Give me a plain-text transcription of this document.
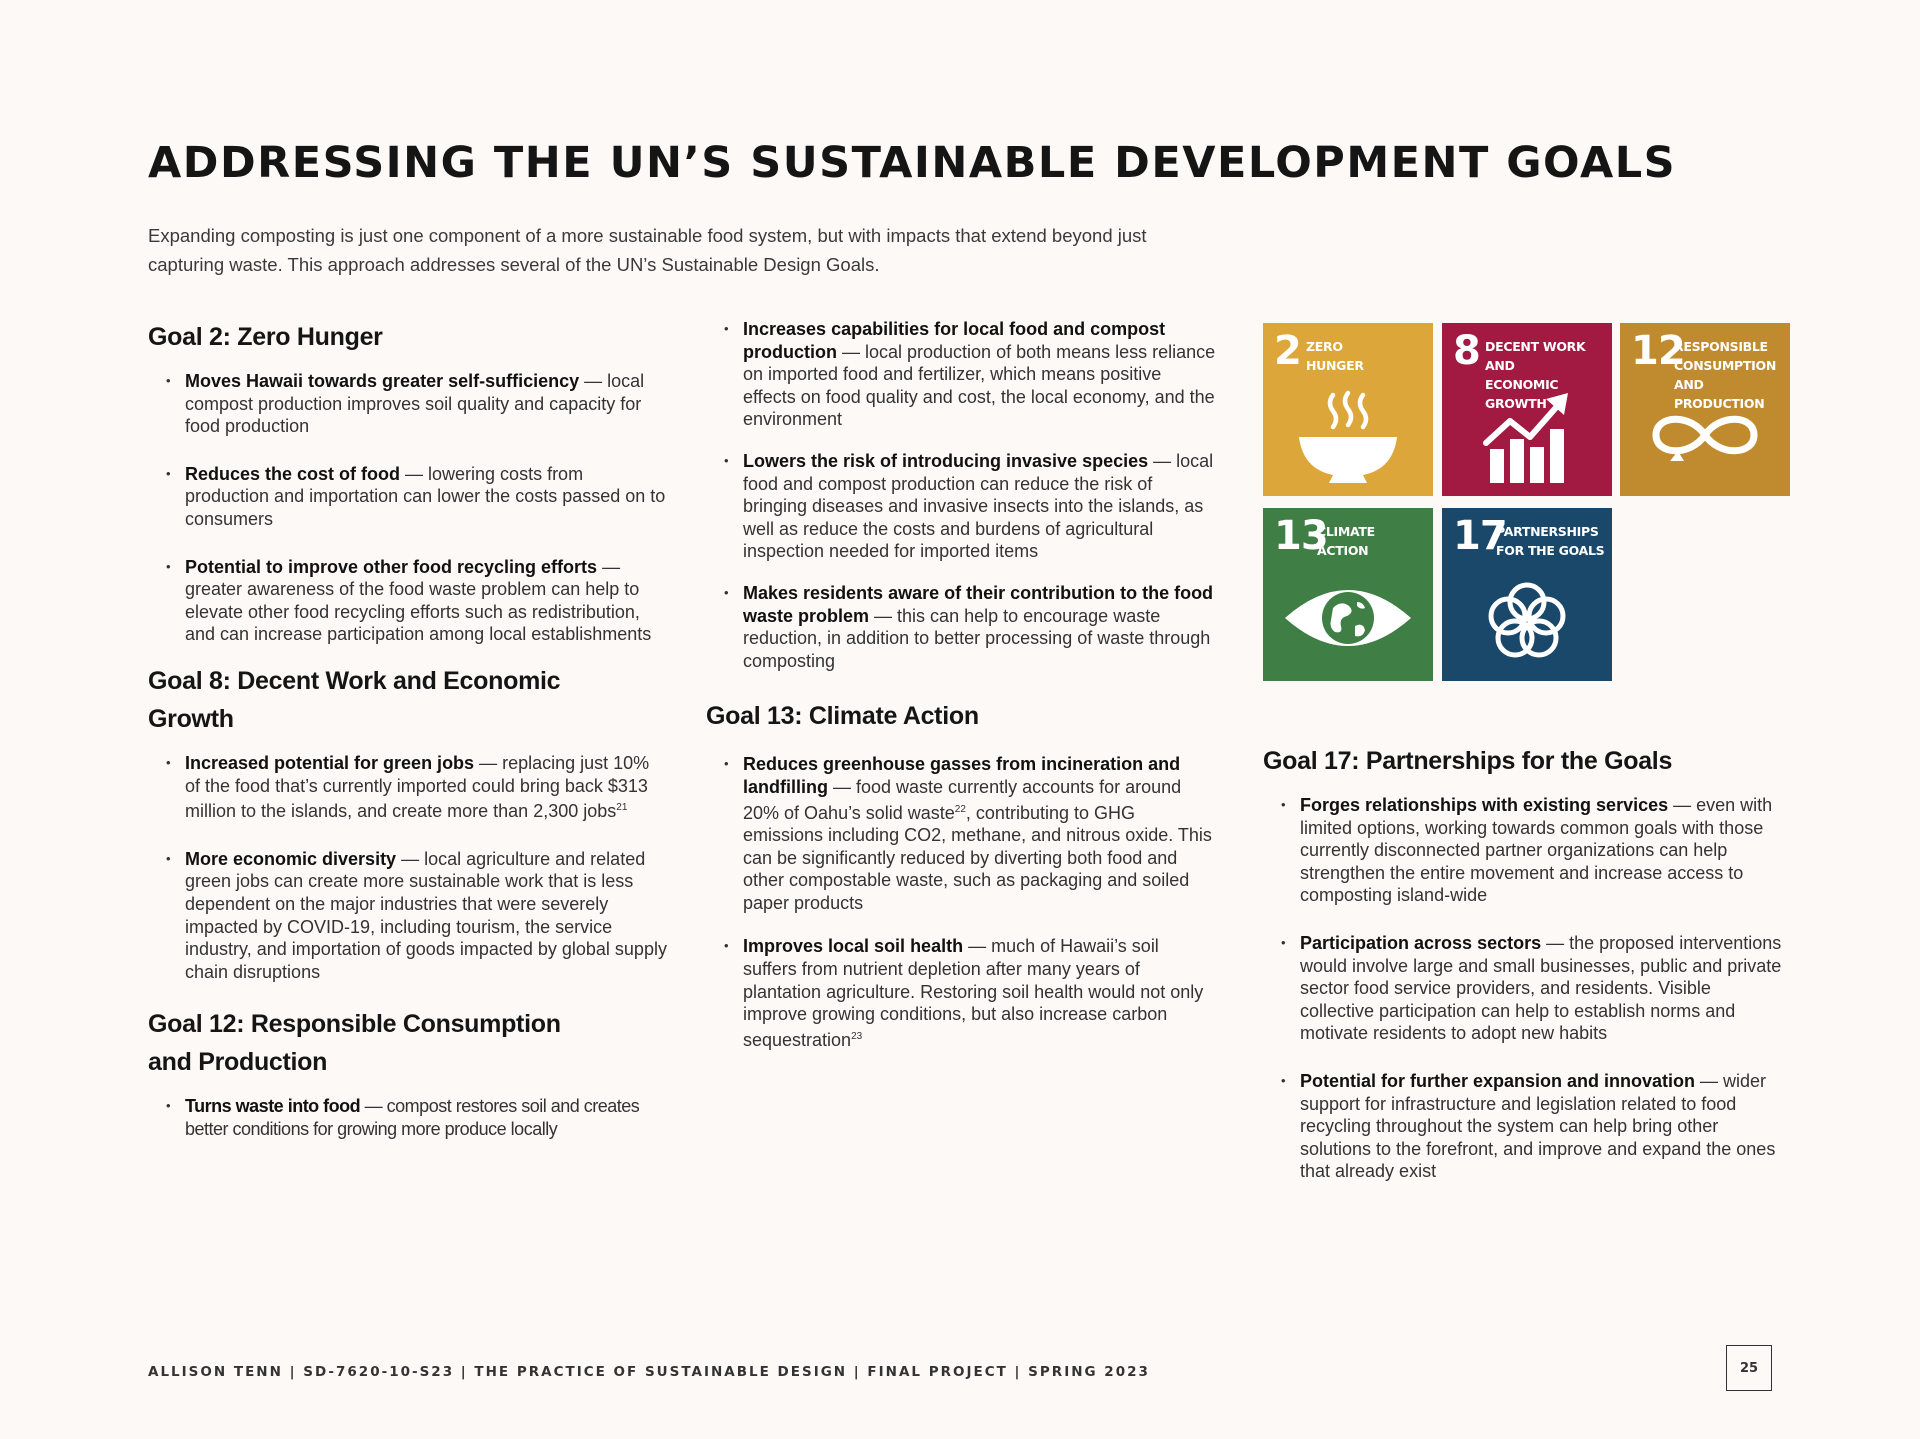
ADDRESSING THE UN’S SUSTAINABLE DEVELOPMENT GOALS

Expanding composting is just one component of a more sustainable food system, but with impacts that extend beyond just capturing waste. This approach addresses several of the UN’s Sustainable Design Goals.

Goal 2: Zero Hunger
• Moves Hawaii towards greater self-sufficiency — local compost production improves soil quality and capacity for food production
• Reduces the cost of food — lowering costs from production and importation can lower the costs passed on to consumers
• Potential to improve other food recycling efforts — greater awareness of the food waste problem can help to elevate other food recycling efforts such as redistribution, and can increase participation among local establishments
Goal 8: Decent Work and Economic Growth
• Increased potential for green jobs — replacing just 10% of the food that’s currently imported could bring back $313 million to the islands, and create more than 2,300 jobs$^{21}$
• More economic diversity — local agriculture and related green jobs can create more sustainable work that is less dependent on the major industries that were severely impacted by COVID-19, including tourism, the service industry, and importation of goods impacted by global supply chain disruptions
Goal 12: Responsible Consumption and Production
• Turns waste into food — compost restores soil and creates better conditions for growing more produce locally
• Increases capabilities for local food and compost production — local production of both means less reliance on imported food and fertilizer, which means positive effects on food quality and cost, the local economy, and the environment
• Lowers the risk of introducing invasive species — local food and compost production can reduce the risk of bringing diseases and invasive insects into the islands, as well as reduce the costs and burdens of agricultural inspection needed for imported items
• Makes residents aware of their contribution to the food waste problem — this can help to encourage waste reduction, in addition to better processing of waste through composting
Goal 13: Climate Action
• Reduces greenhouse gasses from incineration and landfilling — food waste currently accounts for around 20% of Oahu’s solid waste$^{22}$, contributing to GHG emissions including CO2, methane, and nitrous oxide. This can be significantly reduced by diverting both food and other compostable waste, such as packaging and soiled paper products
• Improves local soil health — much of Hawaii’s soil suffers from nutrient depletion after many years of plantation agriculture. Restoring soil health would not only improve growing conditions, but also increase carbon sequestration$^{23}$
2 ZERO
HUNGER	8 DECENT WORK AND
ECONOMIC GROWTH
12
RESPONSIBLE
CONSUMPTION
AND PRODUCTION
13
CLIMATE
ACTION	17
PARTNERSHIPS
FOR THE GOALS
Goal 17: Partnerships for the Goals
• Forges relationships with existing services — even with limited options, working towards common goals with those currently disconnected partner organizations can help strengthen the entire movement and increase access to composting island-wide
• Participation across sectors — the proposed interventions would involve large and small businesses, public and private sector food service providers, and residents. Visible collective participation can help to establish norms and motivate residents to adopt new habits
• Potential for further expansion and innovation — wider support for infrastructure and legislation related to food recycling throughout the system can help bring other solutions to the forefront, and improve and expand the ones that already exist
ALLISON TENN | SD-7620-10-S23 | THE PRACTICE OF SUSTAINABLE DESIGN | FINAL PROJECT | SPRING 2023	25
